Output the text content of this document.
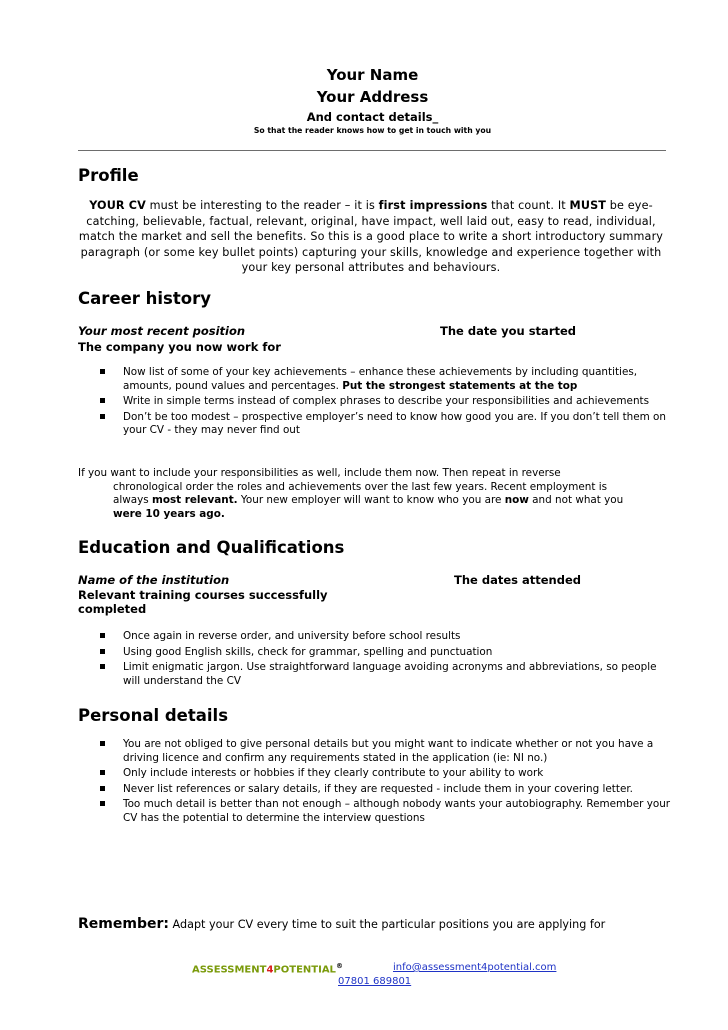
Your Name
Your Address
And contact details_
So that the reader knows how to get in touch with you
Profile
YOUR CV must be interesting to the reader – it is first impressions that count. It MUST be eye-catching, believable, factual, relevant, original, have impact, well laid out, easy to read, individual, match the market and sell the benefits. So this is a good place to write a short introductory summary paragraph (or some key bullet points) capturing your skills, knowledge and experience together with your key personal attributes and behaviours.
Career history
Your most recent position	The date you started
The company you now work for
Now list of some of your key achievements – enhance these achievements by including quantities, amounts, pound values and percentages. Put the strongest statements at the top
Write in simple terms instead of complex phrases to describe your responsibilities and achievements
Don’t be too modest – prospective employer’s need to know how good you are. If you don’t tell them on your CV - they may never find out
If you want to include your responsibilities as well, include them now. Then repeat in reverse
chronological order the roles and achievements over the last few years. Recent employment is
always most relevant. Your new employer will want to know who you are now and not what you
were 10 years ago.
Education and Qualifications
Name of the institution	The dates attended
Relevant training courses successfully
completed
Once again in reverse order, and university before school results
Using good English skills, check for grammar, spelling and punctuation
Limit enigmatic jargon. Use straightforward language avoiding acronyms and abbreviations, so people will understand the CV
Personal details
You are not obliged to give personal details but you might want to indicate whether or not you have a driving licence and confirm any requirements stated in the application (ie: NI no.)
Only include interests or hobbies if they clearly contribute to your ability to work
Never list references or salary details, if they are requested - include them in your covering letter.
Too much detail is better than not enough – although nobody wants your autobiography. Remember your CV has the potential to determine the interview questions
Remember: Adapt your CV every time to suit the particular positions you are applying for
ASSESSMENT4POTENTIAL®	info@assessment4potential.com
07801 689801
